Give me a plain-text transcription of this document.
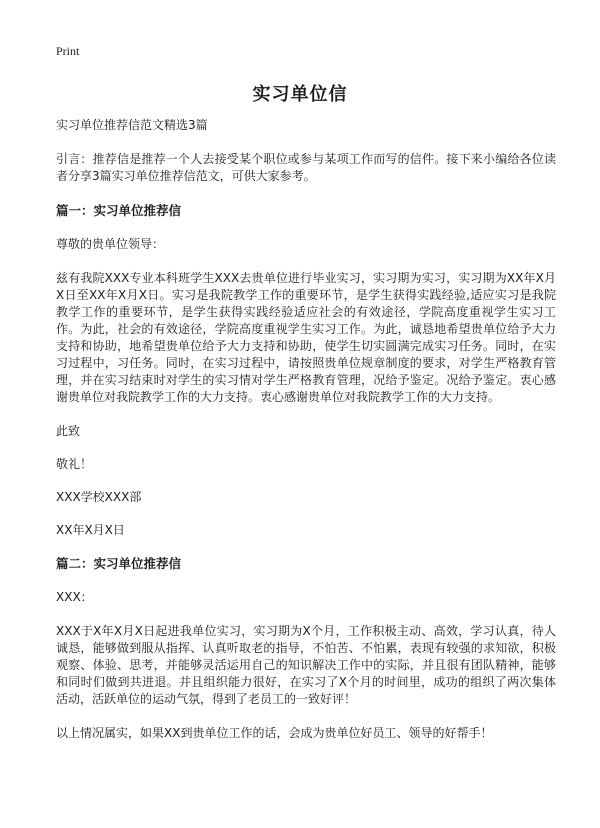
Print
实习单位信

实习单位推荐信范文精选3篇

引言：推荐信是推荐一个人去接受某个职位或参与某项工作而写的信件。接下来小编给各位读者分享3篇实习单位推荐信范文，可供大家参考。

篇一：实习单位推荐信

尊敬的贵单位领导：

兹有我院XXX专业本科班学生XXX去贵单位进行毕业实习，实习期为实习，实习期为XX年X月X日至XX年X月X日。实习是我院教学工作的重要环节，是学生获得实践经验,适应实习是我院教学工作的重要环节，是学生获得实践经验适应社会的有效途径，学院高度重视学生实习工作。为此，社会的有效途径，学院高度重视学生实习工作。为此，诚恳地希望贵单位给予大力支持和协助，地希望贵单位给予大力支持和协助，使学生切实圆满完成实习任务。同时，在实习过程中，习任务。同时，在实习过程中，请按照贵单位规章制度的要求，对学生严格教育管理，并在实习结束时对学生的实习情对学生严格教育管理，况给予鉴定。况给予鉴定。衷心感谢贵单位对我院教学工作的大力支持。衷心感谢贵单位对我院教学工作的大力支持。

此致

敬礼！

XXX学校XXX部

XX年X月X日

篇二：实习单位推荐信

XXX：

XXX于X年X月X日起进我单位实习，实习期为X个月，工作积极主动、高效，学习认真，待人诚恳，能够做到服从指挥、认真听取老的指导，不怕苦、不怕累，表现有较强的求知欲，积极观察、体验、思考，并能够灵活运用自己的知识解决工作中的实际，并且很有团队精神，能够和同时们做到共进退。并且组织能力很好，在实习了X个月的时间里，成功的组织了两次集体活动，活跃单位的运动气氛，得到了老员工的一致好评！

以上情况属实，如果XX到贵单位工作的话，会成为贵单位好员工、领导的好帮手！
